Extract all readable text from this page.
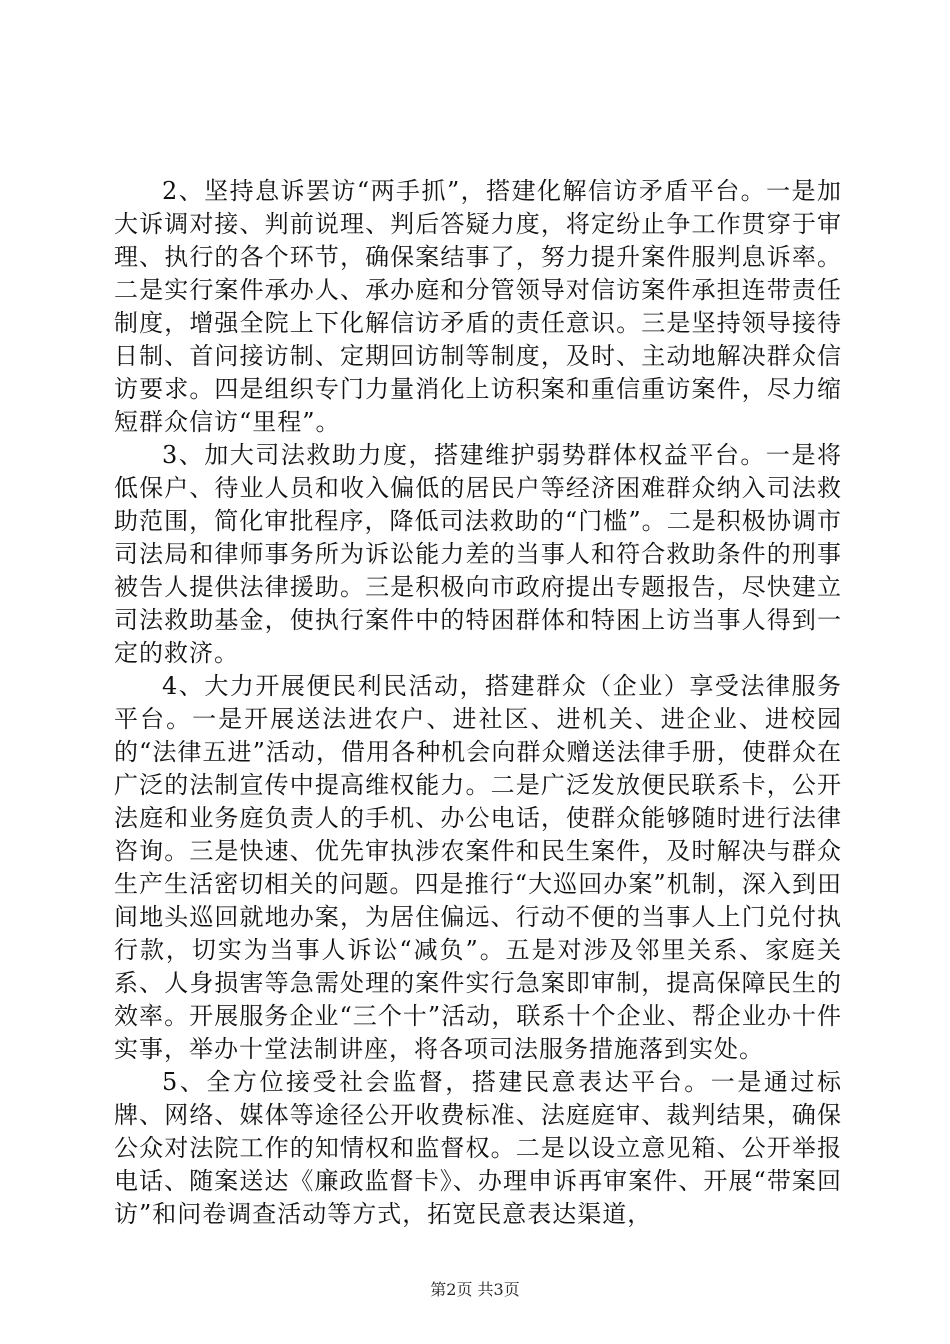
2、坚持息诉罢访“两手抓”，搭建化解信访矛盾平台。一是加大诉调对接、判前说理、判后答疑力度，将定纷止争工作贯穿于审理、执行的各个环节，确保案结事了，努力提升案件服判息诉率。二是实行案件承办人、承办庭和分管领导对信访案件承担连带责任制度，增强全院上下化解信访矛盾的责任意识。三是坚持领导接待日制、首问接访制、定期回访制等制度，及时、主动地解决群众信访要求。四是组织专门力量消化上访积案和重信重访案件，尽力缩短群众信访“里程”。

3、加大司法救助力度，搭建维护弱势群体权益平台。一是将低保户、待业人员和收入偏低的居民户等经济困难群众纳入司法救助范围，简化审批程序，降低司法救助的“门槛”。二是积极协调市司法局和律师事务所为诉讼能力差的当事人和符合救助条件的刑事被告人提供法律援助。三是积极向市政府提出专题报告，尽快建立司法救助基金，使执行案件中的特困群体和特困上访当事人得到一定的救济。

4、大力开展便民利民活动，搭建群众（企业）享受法律服务平台。一是开展送法进农户、进社区、进机关、进企业、进校园的“法律五进”活动，借用各种机会向群众赠送法律手册，使群众在广泛的法制宣传中提高维权能力。二是广泛发放便民联系卡，公开法庭和业务庭负责人的手机、办公电话，使群众能够随时进行法律咨询。三是快速、优先审执涉农案件和民生案件，及时解决与群众生产生活密切相关的问题。四是推行“大巡回办案”机制，深入到田间地头巡回就地办案，为居住偏远、行动不便的当事人上门兑付执行款，切实为当事人诉讼“减负”。五是对涉及邻里关系、家庭关系、人身损害等急需处理的案件实行急案即审制，提高保障民生的效率。开展服务企业“三个十”活动，联系十个企业、帮企业办十件实事，举办十堂法制讲座，将各项司法服务措施落到实处。

5、全方位接受社会监督，搭建民意表达平台。一是通过标牌、网络、媒体等途径公开收费标准、法庭庭审、裁判结果，确保公众对法院工作的知情权和监督权。二是以设立意见箱、公开举报电话、随案送达《廉政监督卡》、办理申诉再审案件、开展“带案回访”和问卷调查活动等方式，拓宽民意表达渠道，

第2页 共3页
